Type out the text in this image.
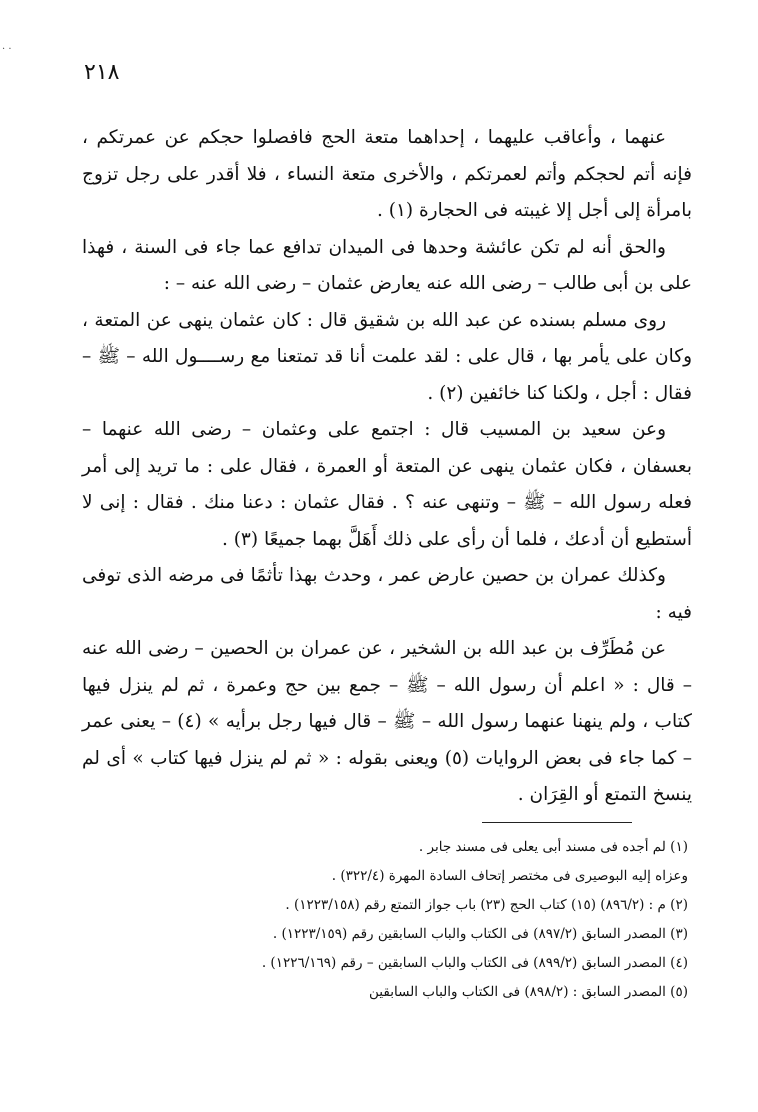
· ·
٢١٨

عنهما ، وأعاقب عليهما ، إحداهما متعة الحج فافصلوا حجكم عن عمرتكم ، فإنه أتم لحجكم وأتم لعمرتكم ، والأخرى متعة النساء ، فلا أقدر على رجل تزوج بامرأة إلى أجل إلا غيبته فى الحجارة (١) .

والحق أنه لم تكن عائشة وحدها فى الميدان تدافع عما جاء فى السنة ، فهذا على بن أبى طالب – رضى الله عنه يعارض عثمان – رضى الله عنه – :

روى مسلم بسنده عن عبد الله بن شقيق قال : كان عثمان ينهى عن المتعة ، وكان على يأمر بها ، قال على : لقد علمت أنا قد تمتعنا مع رســــول الله – ﷺ – فقال : أجل ، ولكنا كنا خائفين (٢) .

وعن سعيد بن المسيب قال : اجتمع على وعثمان – رضى الله عنهما – بعسفان ، فكان عثمان ينهى عن المتعة أو العمرة ، فقال على : ما تريد إلى أمر فعله رسول الله – ﷺ – وتنهى عنه ؟ . فقال عثمان : دعنا منك . فقال : إنى لا أستطيع أن أدعك ، فلما أن رأى على ذلك أَهَلَّ بهما جميعًا (٣) .

وكذلك عمران بن حصين عارض عمر ، وحدث بهذا تأثمًا فى مرضه الذى توفى فيه :

عن مُطَرِّف بن عبد الله بن الشخير ، عن عمران بن الحصين – رضى الله عنه – قال : « اعلم أن رسول الله – ﷺ – جمع بين حج وعمرة ، ثم لم ينزل فيها كتاب ، ولم ينهنا عنهما رسول الله – ﷺ – قال فيها رجل برأيه » (٤) – يعنى عمر – كما جاء فى بعض الروايات (٥) ويعنى بقوله : « ثم لم ينزل فيها كتاب » أى لم ينسخ التمتع أو القِرَان .

(١) لم أجده فى مسند أبى يعلى فى مسند جابر .
وعزاه إليه البوصيرى فى مختصر إتحاف السادة المهرة (٣٢٢/٤) .
(٢) م : (٨٩٦/٢) (١٥) كتاب الحج (٢٣) باب جواز التمتع رقم (١٢٢٣/١٥٨) .
(٣) المصدر السابق (٨٩٧/٢) فى الكتاب والباب السابقين رقم (١٢٢٣/١٥٩) .
(٤) المصدر السابق (٨٩٩/٢) فى الكتاب والباب السابقين – رقم (١٢٢٦/١٦٩) .
(٥) المصدر السابق : (٨٩٨/٢) فى الكتاب والباب السابقين
